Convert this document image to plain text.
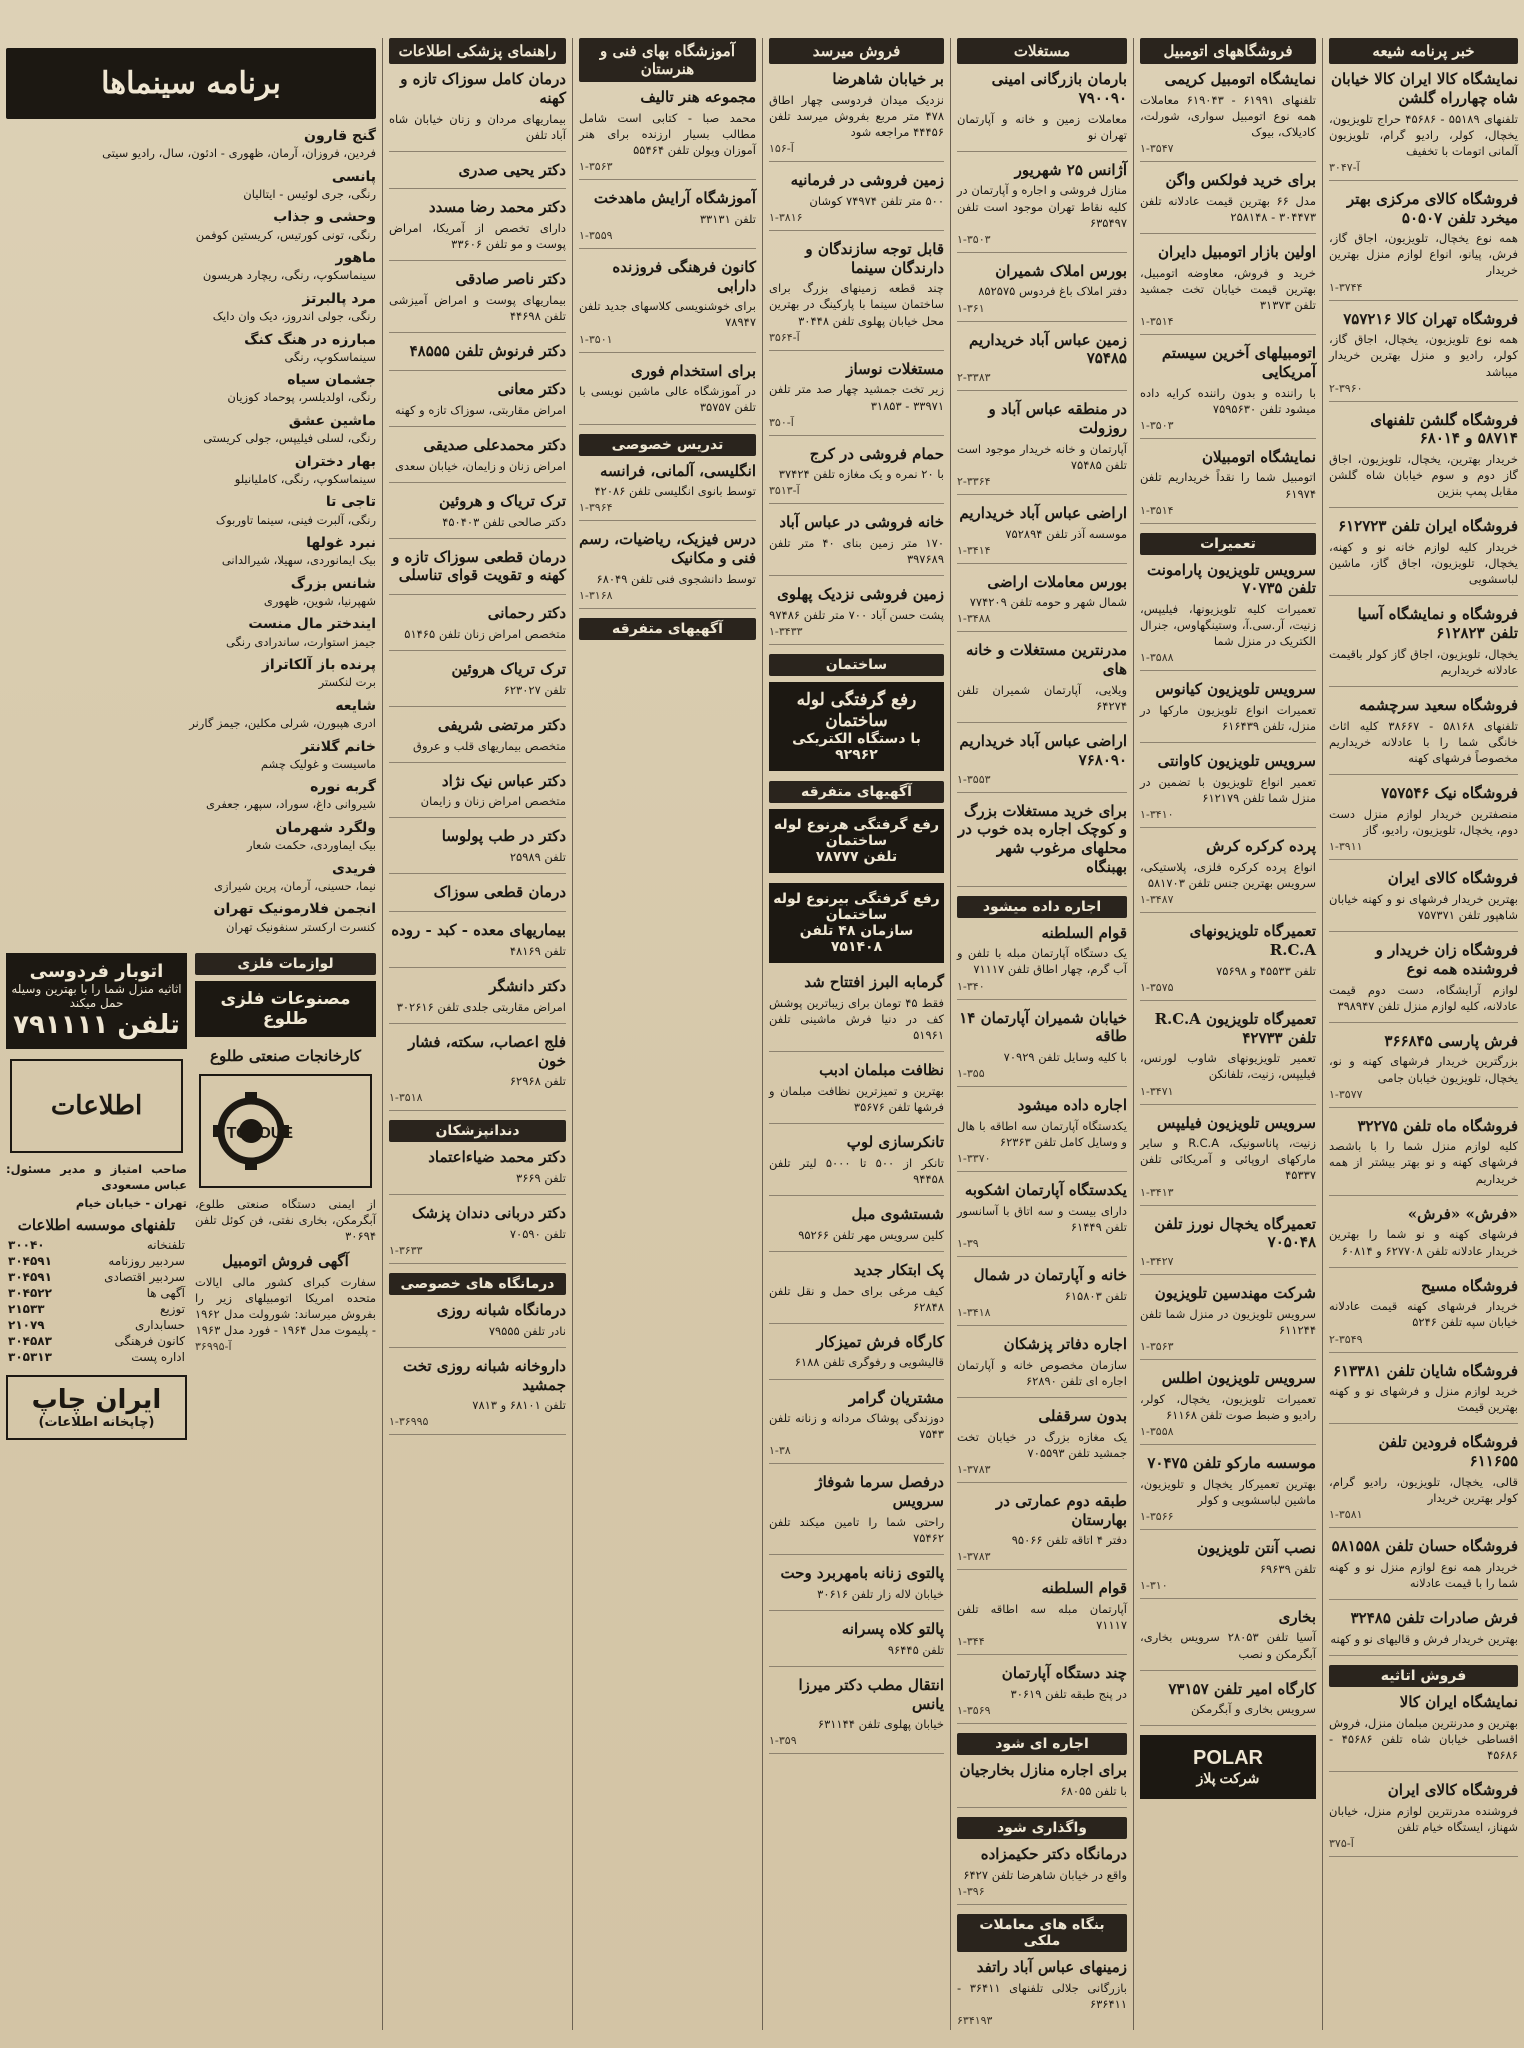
خبر پرنامه شیعه
نمایشگاه کالا ایران کالا خیابان شاه چهارراه گلشن
تلفنهای ۵۵۱۸۹ - ۴۵۶۸۶ حراج تلویزیون، یخچال، کولر، رادیو گرام، تلویزیون آلمانی اتومات با تخفیف
آ-۳۰۴۷
فروشگاه کالای مرکزی بهتر میخرد تلفن ۵۰۵۰۷
همه نوع یخچال، تلویزیون، اجاق گاز، فرش، پیانو، انواع لوازم منزل بهترین خریدار
۱-۳۷۴۴
فروشگاه تهران کالا ۷۵۷۲۱۶
همه نوع تلویزیون، یخچال، اجاق گاز، کولر، رادیو و منزل بهترین خریدار میباشد
۲-۳۹۶۰
فروشگاه گلشن تلفنهای ۵۸۷۱۴ و ۶۸۰۱۴
خریدار بهترین، یخچال، تلویزیون، اجاق گاز دوم و سوم خیابان شاه گلشن مقابل پمپ بنزین
فروشگاه ایران تلفن ۶۱۲۷۲۳
خریدار کلیه لوازم خانه نو و کهنه، یخچال، تلویزیون، اجاق گاز، ماشین لباسشویی
فروشگاه و نمایشگاه آسیا تلفن ۶۱۲۸۲۳
یخچال، تلویزیون، اجاق گاز کولر باقیمت عادلانه خریداریم
فروشگاه سعید سرچشمه
تلفنهای ۵۸۱۶۸ - ۳۸۶۶۷ کلیه اثاث خانگی شما را با عادلانه خریداریم مخصوصاً فرشهای کهنه
فروشگاه نیک ۷۵۷۵۴۶
منصفترین خریدار لوازم منزل دست دوم، یخچال، تلویزیون، رادیو، گاز
۱-۳۹۱۱
فروشگاه کالای ایران
بهترین خریدار فرشهای نو و کهنه خیابان شاهپور تلفن ۷۵۷۳۷۱
فروشگاه زان خریدار و فروشنده همه نوع
لوازم آرایشگاه، دست دوم قیمت عادلانه، کلیه لوازم منزل تلفن ۳۹۸۹۴۷
فرش پارسی ۳۶۶۸۴۵
بزرگترین خریدار فرشهای کهنه و نو، یخچال، تلویزیون خیابان جامی
۱-۳۵۷۷
فروشگاه ماه تلفن ۳۲۲۷۵
کلیه لوازم منزل شما را با باشصد فرشهای کهنه و نو بهتر بیشتر از همه خریداریم
«فرش» «فرش»
فرشهای کهنه و نو شما را بهترین خریدار عادلانه تلفن ۶۲۷۷۰۸ و ۶۰۸۱۴
فروشگاه مسیح
خریدار فرشهای کهنه قیمت عادلانه خیابان سپه تلفن ۵۲۴۶
۲-۳۵۴۹
فروشگاه شایان تلفن ۶۱۳۳۸۱
خرید لوازم منزل و فرشهای نو و کهنه بهترین قیمت
فروشگاه فرودین تلفن ۶۱۱۶۵۵
قالی، یخچال، تلویزیون، رادیو گرام، کولر بهترین خریدار
۱-۳۵۸۱
فروشگاه حسان تلفن ۵۸۱۵۵۸
خریدار همه نوع لوازم منزل نو و کهنه شما را با قیمت عادلانه
فرش صادرات تلفن ۳۲۴۸۵
بهترین خریدار فرش و قالیهای نو و کهنه
فروش اتاثیه
نمایشگاه ایران کالا
بهترین و مدرنترین مبلمان منزل، فروش اقساطی خیابان شاه تلفن ۴۵۶۸۶ - ۴۵۶۸۶
فروشگاه کالای ایران
فروشنده مدرنترین لوازم منزل، خیابان شهناز، ایستگاه خیام تلفن
آ-۳۷۵
فروشگاههای اتومبیل
نمایشگاه اتومبیل کریمی
تلفنهای ۶۱۹۹۱ - ۶۱۹۰۴۳ معاملات همه نوع اتومبیل سواری، شورلت، کادیلاک، بیوک
۱-۳۵۴۷
برای خرید فولکس واگن
مدل ۶۶ بهترین قیمت عادلانه تلفن ۳۰۴۴۷۳ - ۲۵۸۱۴۸
اولین بازار اتومبیل دایران
خرید و فروش، معاوضه اتومبیل، بهترین قیمت خیابان تخت جمشید تلفن ۳۱۳۷۳
۱-۳۵۱۴
اتومبیلهای آخرین سیستم آمریکایی
با راننده و بدون راننده کرایه داده میشود تلفن ۷۵۹۵۶۳۰
۱-۳۵۰۳
نمایشگاه اتومبیلان
اتومبیل شما را نقداً خریداریم تلفن ۶۱۹۷۴
۱-۳۵۱۴
تعمیرات
سرویس تلویزیون پارامونت تلفن ۷۰۷۳۵
تعمیرات کلیه تلویزیونها، فیلیپس، زنیت، آر.سی.آ، وستینگهاوس، جنرال الکتریک در منزل شما
۱-۳۵۸۸
سرویس تلویزیون کیانوس
تعمیرات انواع تلویزیون مارکها در منزل، تلفن ۶۱۶۴۳۹
سرویس تلویزیون کاوانتی
تعمیر انواع تلویزیون با تضمین در منزل شما تلفن ۶۱۲۱۷۹
۱-۳۴۱۰
پرده کرکره کرش
انواع پرده کرکره فلزی، پلاستیکی، سرویس بهترین جنس تلفن ۵۸۱۷۰۳
۱-۳۴۸۷
تعمیرگاه تلویزیونهای R.C.A
تلفن ۴۵۵۳۳ و ۷۵۶۹۸
۱-۳۵۷۵
تعمیرگاه تلویزیون R.C.A تلفن ۴۲۷۳۳
تعمیر تلویزیونهای شاوب لورنس، فیلیپس، زنیت، تلفانکن
۱-۳۴۷۱
سرویس تلویزیون فیلیپس
زنیت، پاناسونیک، R.C.A و سایر مارکهای اروپائی و آمریکائی تلفن ۴۵۳۳۷
۱-۳۴۱۳
تعمیرگاه یخچال نورز تلفن ۷۰۵۰۴۸
۱-۳۴۲۷
شرکت مهندسین تلویزیون
سرویس تلویزیون در منزل شما تلفن ۶۱۱۲۴۴
۱-۳۵۶۳
سرویس تلویزیون اطلس
تعمیرات تلویزیون، یخچال، کولر، رادیو و ضبط صوت تلفن ۶۱۱۶۸
۱-۳۵۵۸
موسسه مارکو تلفن ۷۰۴۷۵
بهترین تعمیرکار یخچال و تلویزیون، ماشین لباسشویی و کولر
۱-۳۵۶۶
نصب آنتن تلویزیون
تلفن ۶۹۶۳۹
۱-۳۱۰
بخاری
آسیا تلفن ۲۸۰۵۳ سرویس بخاری، آبگرمکن و نصب
کارگاه امیر تلفن ۷۳۱۵۷
سرویس بخاری و آبگرمکن
POLAR
شرکت پلاز
مستغلات
بارمان بازرگانی امینی ۷۹۰۰۹۰
معاملات زمین و خانه و آپارتمان تهران نو
آژانس ۲۵ شهریور
منازل فروشی و اجاره و آپارتمان در کلیه نقاط تهران موجود است تلفن ۶۳۵۴۹۷
۱-۳۵۰۳
بورس املاک شمیران
دفتر املاک باغ فردوس ۸۵۲۵۷۵
۱-۳۶۱
زمین عباس آباد خریداریم ۷۵۴۸۵
۲-۳۳۸۳
در منطقه عباس آباد و روزولت
آپارتمان و خانه خریدار موجود است تلفن ۷۵۴۸۵
۲-۳۳۶۴
اراضی عباس آباد خریداریم
موسسه آذر تلفن ۷۵۲۸۹۴
۱-۳۴۱۴
بورس معاملات اراضی
شمال شهر و حومه تلفن ۷۷۴۲۰۹
۱-۳۴۸۸
مدرنترین مستغلات و خانه های
ویلایی، آپارتمان شمیران تلفن ۶۴۲۷۴
اراضی عباس آباد خریداریم ۷۶۸۰۹۰
۱-۳۵۵۳
برای خرید مستغلات بزرگ و کوچک اجاره بده خوب در محلهای مرغوب شهر بهبنگاه
اجاره داده میشود
قوام السلطنه
یک دستگاه آپارتمان مبله با تلفن و آب گرم، چهار اطاق تلفن ۷۱۱۱۷
۱-۳۴۰
خیابان شمیران آپارتمان ۱۴ طاقه
با کلیه وسایل تلفن ۷۰۹۲۹
۱-۳۵۵
اجاره داده میشود
یکدستگاه آپارتمان سه اطاقه با هال و وسایل کامل تلفن ۶۲۳۶۳
۱-۳۳۷۰
یکدستگاه آپارتمان اشکوبه
دارای بیست و سه اتاق با آسانسور تلفن ۶۱۴۴۹
۱-۳۹
خانه و آپارتمان در شمال
تلفن ۶۱۵۸۰۳
۱-۳۴۱۸
اجاره دفاتر پزشکان
سازمان مخصوص خانه و آپارتمان اجاره ای تلفن ۶۲۸۹۰
بدون سرقفلی
یک مغازه بزرگ در خیابان تخت جمشید تلفن ۷۰۵۵۹۳
۱-۳۷۸۳
طبقه دوم عمارتی در بهارستان
دفتر ۴ اتاقه تلفن ۹۵۰۶۶
۱-۳۷۸۳
قوام السلطنه
آپارتمان مبله سه اطاقه تلفن ۷۱۱۱۷
۱-۳۴۴
چند دستگاه آپارتمان
در پنج طبقه تلفن ۳۰۶۱۹
۱-۳۵۶۹
اجاره ای شود
برای اجاره منازل بخارجیان
با تلفن ۶۸۰۵۵
واگذاری شود
درمانگاه دکتر حکیمزاده
واقع در خیابان شاهرضا تلفن ۶۴۲۷
۱-۳۹۶
بنگاه های معاملات ملکی
زمینهای عباس آباد راتفد
بازرگانی جلالی تلفنهای ۳۶۴۱۱ - ۶۳۶۴۱۱
۶۳۴۱۹۳
فروش میرسد
بر خیابان شاهرضا
نزدیک میدان فردوسی چهار اطاق ۴۷۸ متر مربع بفروش میرسد تلفن ۴۴۴۵۶ مراجعه شود
آ-۱۵۶
زمین فروشی در فرمانیه
۵۰۰ متر تلفن ۷۴۹۷۴ کوشان
۱-۳۸۱۶
قابل توجه سازندگان و دارندگان سینما
چند قطعه زمینهای بزرگ برای ساختمان سینما با پارکینگ در بهترین محل خیابان پهلوی تلفن ۳۰۴۴۸
آ-۳۵۶۴
مستغلات نوساز
زیر تخت جمشید چهار صد متر تلفن ۳۳۹۷۱ - ۳۱۸۵۳
آ-۳۵۰
حمام فروشی در کرج
با ۲۰ نمره و یک مغازه تلفن ۳۷۴۲۴
آ-۳۵۱۳
خانه فروشی در عباس آباد
۱۷۰ متر زمین بنای ۴۰ متر تلفن ۳۹۷۶۸۹
زمین فروشی نزدیک پهلوی
پشت حسن آباد ۷۰۰ متر تلفن ۹۷۴۸۶
۱-۳۴۳۳
ساختمان
رفع گرفتگی لوله ساختمان
با دستگاه الکتریکی ۹۲۹۶۲
آگهیهای متفرقه
رفع گرفتگی هرنوع لوله ساختمان
تلفن ۷۸۷۷۷
رفع گرفتگی بیرنوع لوله ساختمان
سازمان ۴۸ تلفن ۷۵۱۴۰۸
گرمابه البرز افتتاح شد
فقط ۴۵ تومان برای زیباترین پوشش کف در دنیا فرش ماشینی تلفن ۵۱۹۶۱
نظافت مبلمان ادبب
بهترین و تمیزترین نظافت مبلمان و فرشها تلفن ۳۵۶۷۶
تانکرسازی لوپ
تانکر از ۵۰۰ تا ۵۰۰۰ لیتر تلفن ۹۴۴۵۸
شستشوی مبل
کلین سرویس مهر تلفن ۹۵۲۶۶
پک ابتکار جدید
کیف مرغی برای حمل و نقل تلفن ۶۲۸۴۸
کارگاه فرش تمیزکار
قالیشویی و رفوگری تلفن ۶۱۸۸
مشتریان گرامر
دوزندگی پوشاک مردانه و زنانه تلفن ۷۵۴۳
۱-۳۸
درفصل سرما شوفاژ سرویس
راحتی شما را تامین میکند تلفن ۷۵۴۶۲
پالتوی زنانه بامهربرد وحت
خیابان لاله زار تلفن ۳۰۶۱۶
پالتو کلاه پسرانه
تلفن ۹۶۴۴۵
انتقال مطب دکتر میرزا یانس
خیابان پهلوی تلفن ۶۳۱۱۴۴
۱-۳۵۹
آموزشگاه بهای فنی و هنرستان
مجموعه هنر تالیف
محمد صبا - کتابی است شامل مطالب بسیار ارزنده برای هنر آموزان ویولن تلفن ۵۵۴۶۴
۱-۳۵۶۳
آموزشگاه آرایش ماهدخت
تلفن ۳۳۱۳۱
۱-۳۵۵۹
کانون فرهنگی فروزنده دارابی
برای خوشنویسی کلاسهای جدید تلفن ۷۸۹۴۷
۱-۳۵۰۱
برای استخدام فوری
در آموزشگاه عالی ماشین نویسی با تلفن ۳۵۷۵۷
تدریس خصوصی
انگلیسی، آلمانی، فرانسه
توسط بانوی انگلیسی تلفن ۴۲۰۸۶
۱-۳۹۶۴
درس فیزیک، ریاضیات، رسم فنی و مکانیک
توسط دانشجوی فنی تلفن ۶۸۰۴۹
۱-۳۱۶۸
آگهیهای متفرقه
راهنمای پزشکی اطلاعات
درمان کامل سوزاک تازه و کهنه
بیماریهای مردان و زنان خیابان شاه آباد تلفن
دکتر یحیی صدری
دکتر محمد رضا مسدد
دارای تخصص از آمریکا، امراض پوست و مو تلفن ۳۳۶۰۶
دکتر ناصر صادقی
بیماریهای پوست و امراض آمیزشی تلفن ۴۴۶۹۸
دکتر فرنوش تلفن ۴۸۵۵۵
دکتر معانی
امراض مقاربتی، سوزاک تازه و کهنه
دکتر محمدعلی صدیقی
امراض زنان و زایمان، خیابان سعدی
ترک تریاک و هروئین
دکتر صالحی تلفن ۴۵۰۴۰۳
درمان قطعی سوزاک تازه و کهنه و تقویت قوای تناسلی
دکتر رحمانی
متخصص امراض زنان تلفن ۵۱۴۶۵
ترک تریاک هروئین
تلفن ۶۲۳۰۲۷
دکتر مرتضی شریفی
متخصص بیماریهای قلب و عروق
دکتر عباس نیک نژاد
متخصص امراض زنان و زایمان
دکتر در طب پولوسا
تلفن ۲۵۹۸۹
درمان قطعی سوزاک
بیماریهای معده - کبد - روده
تلفن ۴۸۱۶۹
دکتر دانشگر
امراض مقاربتی جلدی تلفن ۳۰۲۶۱۶
فلج اعصاب، سکته، فشار خون
تلفن ۶۲۹۶۸
۱-۳۵۱۸
دندانپزشکان
دکتر محمد ضیاءاعتماد
تلفن ۳۶۶۹
دکتر دربانی دندان پزشک
تلفن ۷۰۵۹۰
۱-۳۶۳۳
درمانگاه های خصوصی
درمانگاه شبانه روزی
نادر تلفن ۷۹۵۵۵
داروخانه شبانه روزی تخت جمشید
تلفن ۶۸۱۰۱ و ۷۸۱۳
۱-۳۶۹۹۵
برنامه سینماها
گنج قارون
فردین، فروزان، آرمان، ظهوری - ادئون، سال، رادیو سیتی
پانسی
رنگی، جری لوئیس - ایتالیان
وحشی و جذاب
رنگی، تونی کورتیس، کریستین کوفمن
ماهور
سینماسکوپ، رنگی، ریچارد هریسون
مرد پالبرتز
رنگی، جولی اندروز، دیک وان دایک
مبارزه در هنگ کنگ
سینماسکوپ، رنگی
جشمان سیاه
رنگی، اولدیلسر، پوحماد کوزیان
ماشین عشق
رنگی، لسلی فیلیپس، جولی کریستی
بهار دختران
سینماسکوپ، رنگی، کاملیانیلو
تاجی تا
رنگی، آلبرت فینی، سینما تاوربوک
نبرد غولها
بیک ایمانوردی، سهیلا، شیرالدانی
شانس بزرگ
شهپرنیا، شوین، ظهوری
ایندختر مال منست
جیمز استوارت، ساندرادی رنگی
پرنده باز آلکاتراز
برت لنکستر
شایعه
ادری هپبورن، شرلی مکلین، جیمز گارنر
خانم گلانتر
ماسیست و غولیک چشم
گربه نوره
شیروانی داغ، سوراد، سپهر، جعفری
ولگرد شهرمان
بیک ایماوردی، حکمت شعار
فریدی
نیما، حسینی، آرمان، پرین شیرازی
انجمن فلارمونیک تهران
کنسرت ارکستر سنفونیک تهران
لوازمات فلزی
مصنوعات فلزی طلوع
کارخانجات صنعتی طلوع
TOLOUE
از ایمنی دستگاه صنعتی طلوع، آبگرمکن، بخاری نفتی، فن کوئل تلفن ۳۰۶۹۴
آگهی فروش اتومبیل
سفارت کبرای کشور مالی ایالات متحده امریکا اتومبیلهای زیر را بفروش میرساند: شورولت مدل ۱۹۶۲ - پلیموت مدل ۱۹۶۴ - فورد مدل ۱۹۶۳
آ-۳۶۹۹۵
اتوبار فردوسی
اثاثیه منزل شما را با بهترین وسیله حمل میکند
تلفن ۷۹۱۱۱۱
اطلاعات
صاحب امتیاز و مدیر مسئول: عباس مسعودی
تهران - خیابان خیام
تلفنهای موسسه اطلاعات
تلفنخانه	۳۰۰۴۰
سردبیر روزنامه	۳۰۴۵۹۱
سردبیر اقتصادی	۳۰۴۵۹۱
آگهی ها	۳۰۴۵۲۲
توزیع	۲۱۵۳۳
حسابداری	۲۱۰۷۹
کانون فرهنگی	۳۰۴۵۸۳
اداره پست	۳۰۵۳۱۳
ایران چاپ
(چاپخانه اطلاعات)
